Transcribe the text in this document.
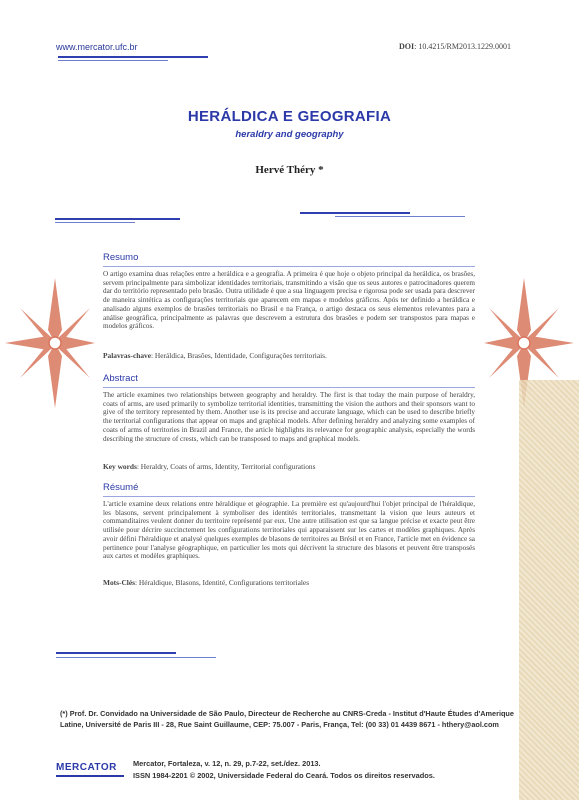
www.mercator.ufc.br	DOI: 10.4215/RM2013.1229.0001
HERÁLDICA E GEOGRAFIA
heraldry and geography
Hervé Théry *
Resumo
O artigo examina duas relações entre a heráldica e a geografia. A primeira é que hoje o objeto principal da heráldica, os brasões, servem principalmente para simbolizar identidades territoriais, transmitindo a visão que os seus autores e patrocinadores querem dar do território representado pelo brasão. Outra utilidade é que a sua linguagem precisa e rigorosa pode ser usada para descrever de maneira sintética as configurações territoriais que aparecem em mapas e modelos gráficos. Após ter definido a heráldica e analisado alguns exemplos de brasões territoriais no Brasil e na França, o artigo destaca os seus elementos relevantes para a análise geográfica, principalmente as palavras que descrevem a estrutura dos brasões e podem ser transpostos para mapas e modelos gráficos.
Palavras-chave: Heráldica, Brasões, Identidade, Configurações territoriais.
Abstract
The article examines two relationships between geography and heraldry. The first is that today the main purpose of heraldry, coats of arms, are used primarily to symbolize territorial identities, transmitting the vision the authors and their sponsors want to give of the territory represented by them. Another use is its precise and accurate language, which can be used to describe briefly the territorial configurations that appear on maps and graphical models. After defining heraldry and analyzing some examples of coats of arms of territories in Brazil and France, the article highlights its relevance for geographic analysis, especially the words describing the structure of crests, which can be transposed to maps and graphical models.
Key words: Heraldry, Coats of arms, Identity, Territorial configurations
Résumé
L'article examine deux relations entre héraldique et géographie. La première est qu'aujourd'hui l'objet principal de l'héraldique, les blasons, servent principalement à symboliser des identités territoriales, transmettant la vision que leurs auteurs et commanditaires veulent donner du territoire représenté par eux. Une autre utilisation est que sa langue précise et exacte peut être utilisée pour décrire succinctement les configurations territoriales qui apparaissent sur les cartes et modèles graphiques. Après avoir défini l'héraldique et analysé quelques exemples de blasons de territoires au Brésil et en France, l'article met en évidence sa pertinence pour l'analyse géographique, en particulier les mots qui décrivent la structure des blasons et peuvent être transposés aux cartes et modèles graphiques.
Mots-Clés: Héraldique, Blasons, Identité, Configurations territoriales
(*) Prof. Dr. Convidado na Universidade de São Paulo, Directeur de Recherche au CNRS-Creda - Institut d'Haute Études d'Amerique Latine, Université de Paris III - 28, Rue Saint Guillaume, CEP: 75.007 - Paris, França, Tel: (00 33) 01 4439 8671 - hthery@aol.com
MERCATOR Mercator, Fortaleza, v. 12, n. 29, p.7-22, set./dez. 2013.
ISSN 1984-2201 © 2002, Universidade Federal do Ceará. Todos os direitos reservados.
